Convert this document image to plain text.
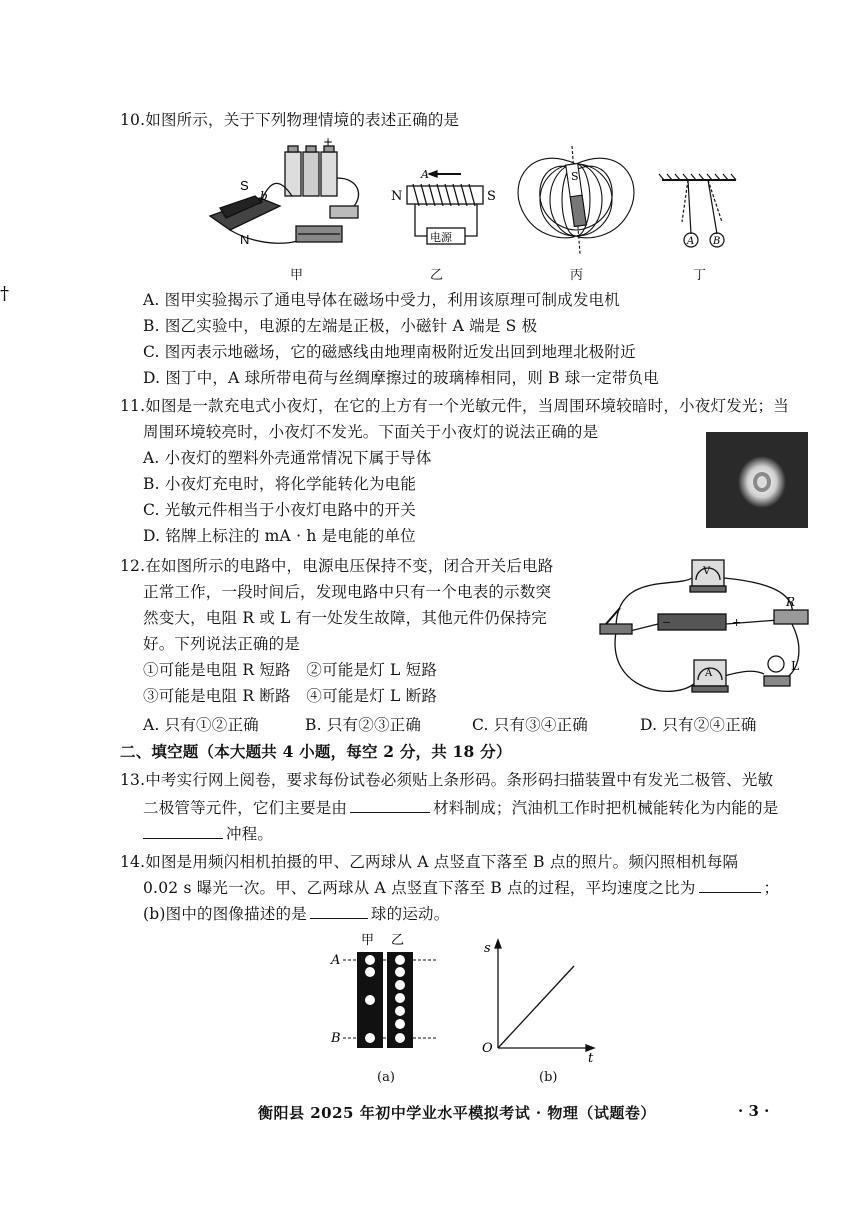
†
10.如图所示，关于下列物理情境的表述正确的是
S
N
b
+
A
N	S
电源
S
A B
甲	乙	丙	丁
A. 图甲实验揭示了通电导体在磁场中受力，利用该原理可制成发电机
B. 图乙实验中，电源的左端是正极，小磁针 A 端是 S 极
C. 图丙表示地磁场，它的磁感线由地理南极附近发出回到地理北极附近
D. 图丁中，A 球所带电荷与丝绸摩擦过的玻璃棒相同，则 B 球一定带负电
11.如图是一款充电式小夜灯，在它的上方有一个光敏元件，当周围环境较暗时，小夜灯发光；当
周围环境较亮时，小夜灯不发光。下面关于小夜灯的说法正确的是
A. 小夜灯的塑料外壳通常情况下属于导体
B. 小夜灯充电时，将化学能转化为电能
C. 光敏元件相当于小夜灯电路中的开关
D. 铭牌上标注的 mA · h 是电能的单位
12.在如图所示的电路中，电源电压保持不变，闭合开关后电路
正常工作，一段时间后，发现电路中只有一个电表的示数突
然变大，电阻 R 或 L 有一处发生故障，其他元件仍保持完
好。下列说法正确的是
①可能是电阻 R 短路　②可能是灯 L 短路
③可能是电阻 R 断路　④可能是灯 L 断路
A. 只有①②正确	B. 只有②③正确	C. 只有③④正确	D. 只有②④正确
V
A
R
L
−	+
二、填空题（本大题共 4 小题，每空 2 分，共 18 分）
13.中考实行网上阅卷，要求每份试卷必须贴上条形码。条形码扫描装置中有发光二极管、光敏
二极管等元件，它们主要是由	材料制成；汽油机工作时把机械能转化为内能的是
冲程。
14.如图是用频闪相机拍摄的甲、乙两球从 A 点竖直下落至 B 点的照片。频闪照相机每隔
0.02 s 曝光一次。甲、乙两球从 A 点竖直下落至 B 点的过程，平均速度之比为	；
(b)图中的图像描述的是	球的运动。
甲 乙
A
B
(a)
s
O
t
(b)
衡阳县 2025 年初中学业水平模拟考试 · 物理（试题卷）	· 3 ·
